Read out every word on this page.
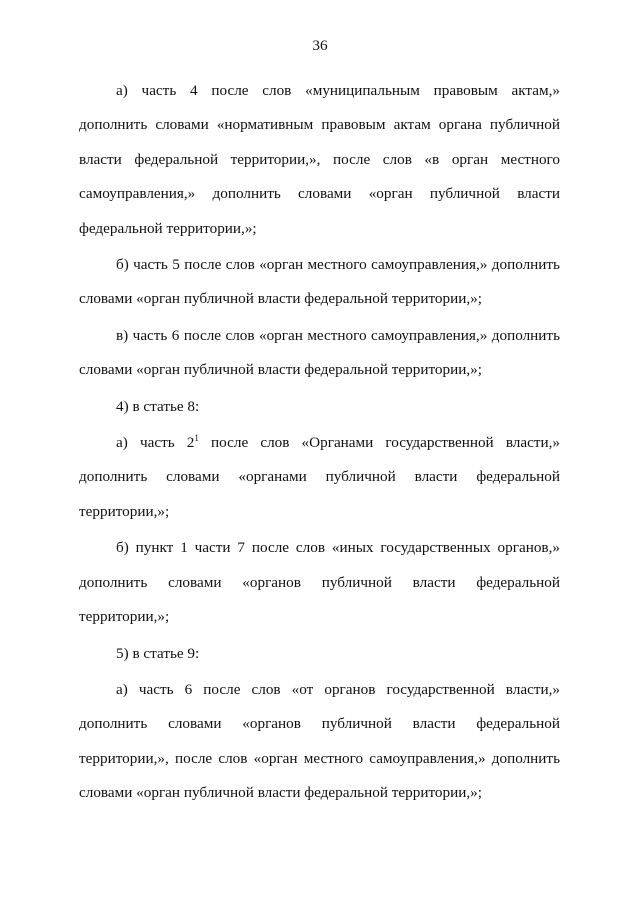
36

а) часть 4 после слов «муниципальным правовым актам,» дополнить словами «нормативным правовым актам органа публичной власти федеральной территории,», после слов «в орган местного самоуправления,» дополнить словами «орган публичной власти федеральной территории,»;

б) часть 5 после слов «орган местного самоуправления,» дополнить словами «орган публичной власти федеральной территории,»;

в) часть 6 после слов «орган местного самоуправления,» дополнить словами «орган публичной власти федеральной территории,»;

4) в статье 8:

а) часть $2^1$ после слов «Органами государственной власти,» дополнить словами «органами публичной власти федеральной территории,»;

б) пункт 1 части 7 после слов «иных государственных органов,» дополнить словами «органов публичной власти федеральной территории,»;

5) в статье 9:

а) часть 6 после слов «от органов государственной власти,» дополнить словами «органов публичной власти федеральной территории,», после слов «орган местного самоуправления,» дополнить словами «орган публичной власти федеральной территории,»;
